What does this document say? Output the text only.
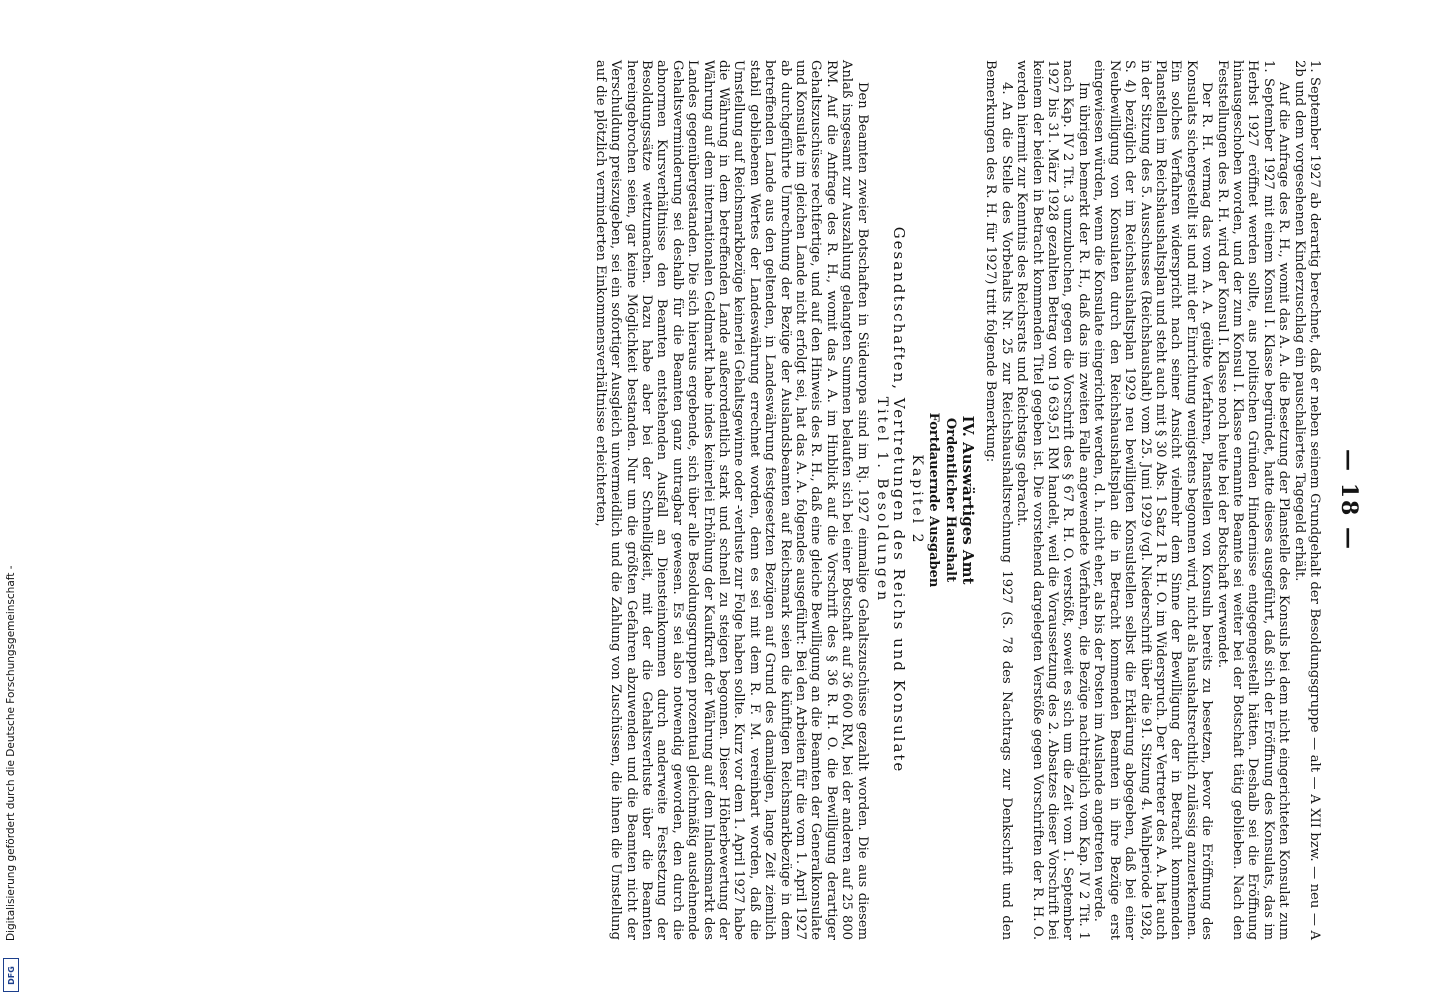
— 18 —

1. September 1927 ab derartig berechnet, daß er neben seinem Grundgehalt der Besoldungsgruppe — alt — A XII bzw. — neu — A 2b und dem vorgesehenen Kinderzuschlag ein pauschaliertes Tagegeld erhält.

Auf die Anfrage des R. H., womit das A. A. die Besetzung der Planstelle des Konsuls bei dem nicht eingerichteten Konsulat zum 1. September 1927 mit einem Konsul I. Klasse begründet, hatte dieses ausgeführt, daß sich der Eröffnung des Konsulats, das im Herbst 1927 eröffnet werden sollte, aus politischen Gründen Hindernisse entgegengestellt hätten. Deshalb sei die Eröffnung hinausgeschoben worden, und der zum Konsul I. Klasse ernannte Beamte sei weiter bei der Botschaft tätig geblieben. Nach den Feststellungen des R. H. wird der Konsul I. Klasse noch heute bei der Botschaft verwendet.

Der R. H. vermag das vom A. A. geübte Verfahren, Planstellen von Konsuln bereits zu besetzen, bevor die Eröffnung des Konsulats sichergestellt ist und mit der Einrichtung wenigstens begonnen wird, nicht als haushaltsrechtlich zulässig anzuerkennen. Ein solches Verfahren widerspricht nach seiner Ansicht vielmehr dem Sinne der Bewilligung der in Betracht kommenden Planstellen im Reichshaushaltsplan und steht auch mit § 30 Abs. 1 Satz 1 R. H. O. im Widerspruch. Der Vertreter des A. A. hat auch in der Sitzung des 5. Ausschusses (Reichshaushalt) vom 25. Juni 1929 (vgl. Niederschrift über die 91. Sitzung 4. Wahlperiode 1928, S. 4) bezüglich der im Reichshaushaltsplan 1929 neu bewilligten Konsulstellen selbst die Erklärung abgegeben, daß bei einer Neubewilligung von Konsulaten durch den Reichshaushaltsplan die in Betracht kommenden Beamten in ihre Bezüge erst eingewiesen würden, wenn die Konsulate eingerichtet werden, d. h. nicht eher, als bis der Posten im Auslande angetreten werde.

Im übrigen bemerkt der R. H., daß das im zweiten Falle angewendete Verfahren, die Bezüge nachträglich vom Kap. IV 2 Tit. 1 nach Kap. IV 2 Tit. 3 umzubuchen, gegen die Vorschrift des § 67 R. H. O. verstößt, soweit es sich um die Zeit vom 1. September 1927 bis 31. März 1928 gezahlten Betrag von 19 639,51 RM handelt, weil die Voraussetzung des 2. Absatzes dieser Vorschrift bei keinem der beiden in Betracht kommenden Titel gegeben ist. Die vorstehend dargelegten Verstöße gegen Vorschriften der R. H. O. werden hiermit zur Kenntnis des Reichsrats und Reichstags gebracht.

4. An die Stelle des Vorbehalts Nr. 25 zur Reichshaushaltsrechnung 1927 (S. 78 des Nachtrags zur Denkschrift und den Bemerkungen des R. H. für 1927) tritt folgende Bemerkung:

IV. Auswärtiges Amt
Ordentlicher Haushalt
Fortdauernde Ausgaben
Kapitel 2
Gesandtschaften, Vertretungen des Reichs und Konsulate
Titel 1. Besoldungen

Den Beamten zweier Botschaften in Südeuropa sind im Rj. 1927 einmalige Gehaltszuschüsse gezahlt worden. Die aus diesem Anlaß insgesamt zur Auszahlung gelangten Summen belaufen sich bei einer Botschaft auf 36 600 RM, bei der anderen auf 25 800 RM. Auf die Anfrage des R. H., womit das A. A. im Hinblick auf die Vorschrift des § 36 R. H. O. die Bewilligung derartiger Gehaltszuschüsse rechtfertige, und auf den Hinweis des R. H., daß eine gleiche Bewilligung an die Beamten der Generalkonsulate und Konsulate im gleichen Lande nicht erfolgt sei, hat das A. A. folgendes ausgeführt: Bei den Arbeiten für die vom 1. April 1927 ab durchgeführte Umrechnung der Bezüge der Auslandsbeamten auf Reichsmark seien die künftigen Reichsmarkbezüge in dem betreffenden Lande aus den geltenden, in Landeswährung festgesetzten Bezügen auf Grund des damaligen, lange Zeit ziemlich stabil gebliebenen Wertes der Landeswährung errechnet worden, denn es sei mit dem R. F. M. vereinbart worden, daß die Umstellung auf Reichsmarkbezüge keinerlei Gehaltsgewinne oder -verluste zur Folge haben sollte. Kurz vor dem 1. April 1927 habe die Währung in dem betreffenden Lande außerordentlich stark und schnell zu steigen begonnen. Dieser Höherbewertung der Währung auf dem internationalen Geldmarkt habe indes keinerlei Erhöhung der Kaufkraft der Währung auf dem Inlandsmarkt des Landes gegenübergestanden. Die sich hieraus ergebende, sich über alle Besoldungsgruppen prozentual gleichmäßig ausdehnende Gehaltsverminderung sei deshalb für die Beamten ganz untragbar gewesen. Es sei also notwendig geworden, den durch die abnormen Kursverhältnisse den Beamten entstehenden Ausfall an Diensteinkommen durch anderweite Festsetzung der Besoldungssätze wettzumachen. Dazu habe aber bei der Schnelligkeit, mit der die Gehaltsverluste über die Beamten hereingebrochen seien, gar keine Möglichkeit bestanden. Nur um die größten Gefahren abzuwenden und die Beamten nicht der Verschuldung preiszugeben, sei ein sofortiger Ausgleich unvermeidlich und die Zahlung von Zuschüssen, die ihnen die Umstellung auf die plötzlich verminderten Einkommensverhältnisse erleichterten,

Digitalisierung gefördert durch die Deutsche Forschungsgemeinschaft -
DFG
